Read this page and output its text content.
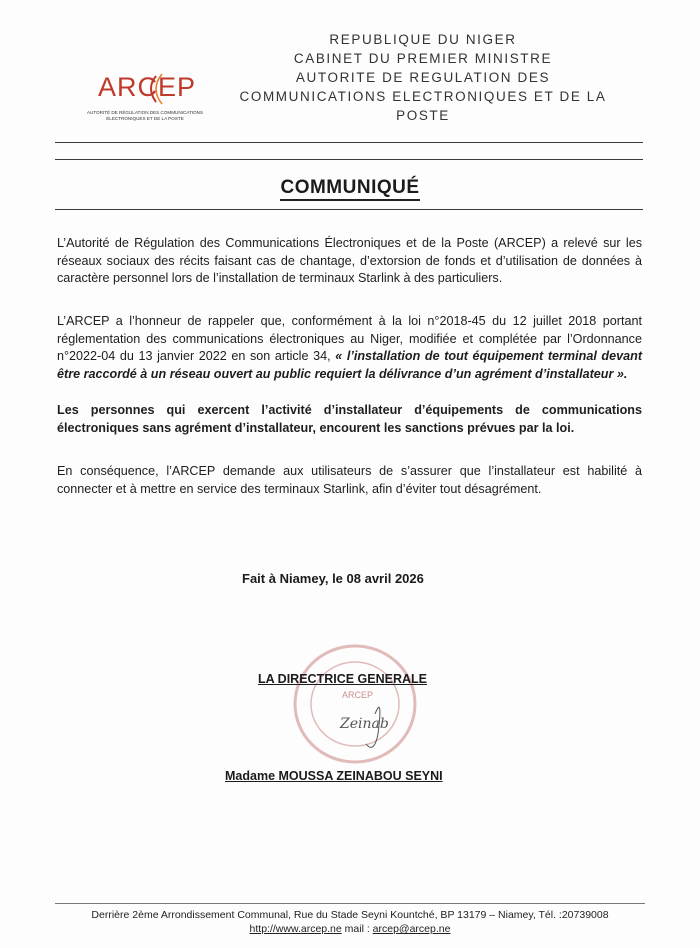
ARCEP
AUTORITÉ DE RÉGULATION DES COMMUNICATIONS ÉLECTRONIQUES ET DE LA POSTE
REPUBLIQUE DU NIGER
CABINET DU PREMIER MINISTRE
AUTORITE DE REGULATION DES
COMMUNICATIONS ELECTRONIQUES ET DE LA
POSTE
COMMUNIQUÉ

L’Autorité de Régulation des Communications Électroniques et de la Poste (ARCEP) a relevé sur les réseaux sociaux des récits faisant cas de chantage, d’extorsion de fonds et d’utilisation de données à caractère personnel lors de l’installation de terminaux Starlink à des particuliers.

L’ARCEP a l’honneur de rappeler que, conformément à la loi n°2018-45 du 12 juillet 2018 portant réglementation des communications électroniques au Niger, modifiée et complétée par l’Ordonnance n°2022-04 du 13 janvier 2022 en son article 34, « l’installation de tout équipement terminal devant être raccordé à un réseau ouvert au public requiert la délivrance d’un agrément d’installateur ».

Les personnes qui exercent l’activité d’installateur d’équipements de communications électroniques sans agrément d’installateur, encourent les sanctions prévues par la loi.

En conséquence, l’ARCEP demande aux utilisateurs de s’assurer que l’installateur est habilité à connecter et à mettre en service des terminaux Starlink, afin d’éviter tout désagrément.

Fait à Niamey, le 08 avril 2026
ARCEP
Zeinab
LA DIRECTRICE GENERALE
Madame MOUSSA ZEINABOU SEYNI
Derrière 2ème Arrondissement Communal, Rue du Stade Seyni Kountché, BP 13179 – Niamey, Tél. :20739008
http://www.arcep.ne mail : arcep@arcep.ne
